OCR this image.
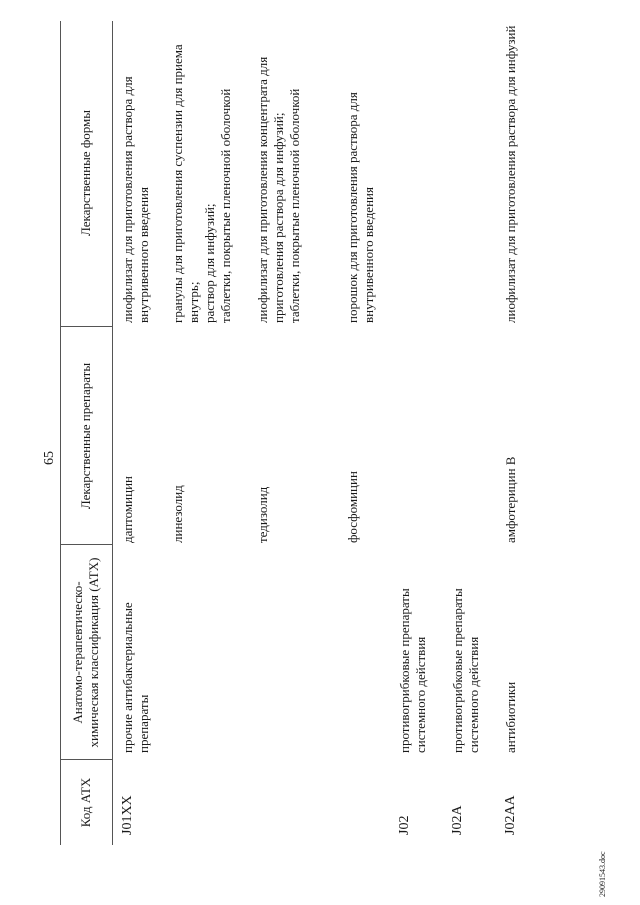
65
Код АТХ
Анатомо-терапевтическо-химическая классификация (АТХ)
Лекарственные препараты
Лекарственные формы
J01XX
прочие антибактериальные препараты
даптомицин
лиофилизат для приготовления раствора для внутривенного введения
линезолид
гранулы для приготовления суспензии для приема внутрь;
раствор для инфузий;
таблетки, покрытые пленочной оболочкой
тедизолид
лиофилизат для приготовления концентрата для приготовления раствора для инфузий;
таблетки, покрытые пленочной оболочкой
фосфомицин
порошок для приготовления раствора для внутривенного введения
J02
противогрибковые препараты системного действия
J02A
противогрибковые препараты системного действия
J02AA
антибиотики
амфотерицин B
лиофилизат для приготовления раствора для инфузий
29091543.doc
